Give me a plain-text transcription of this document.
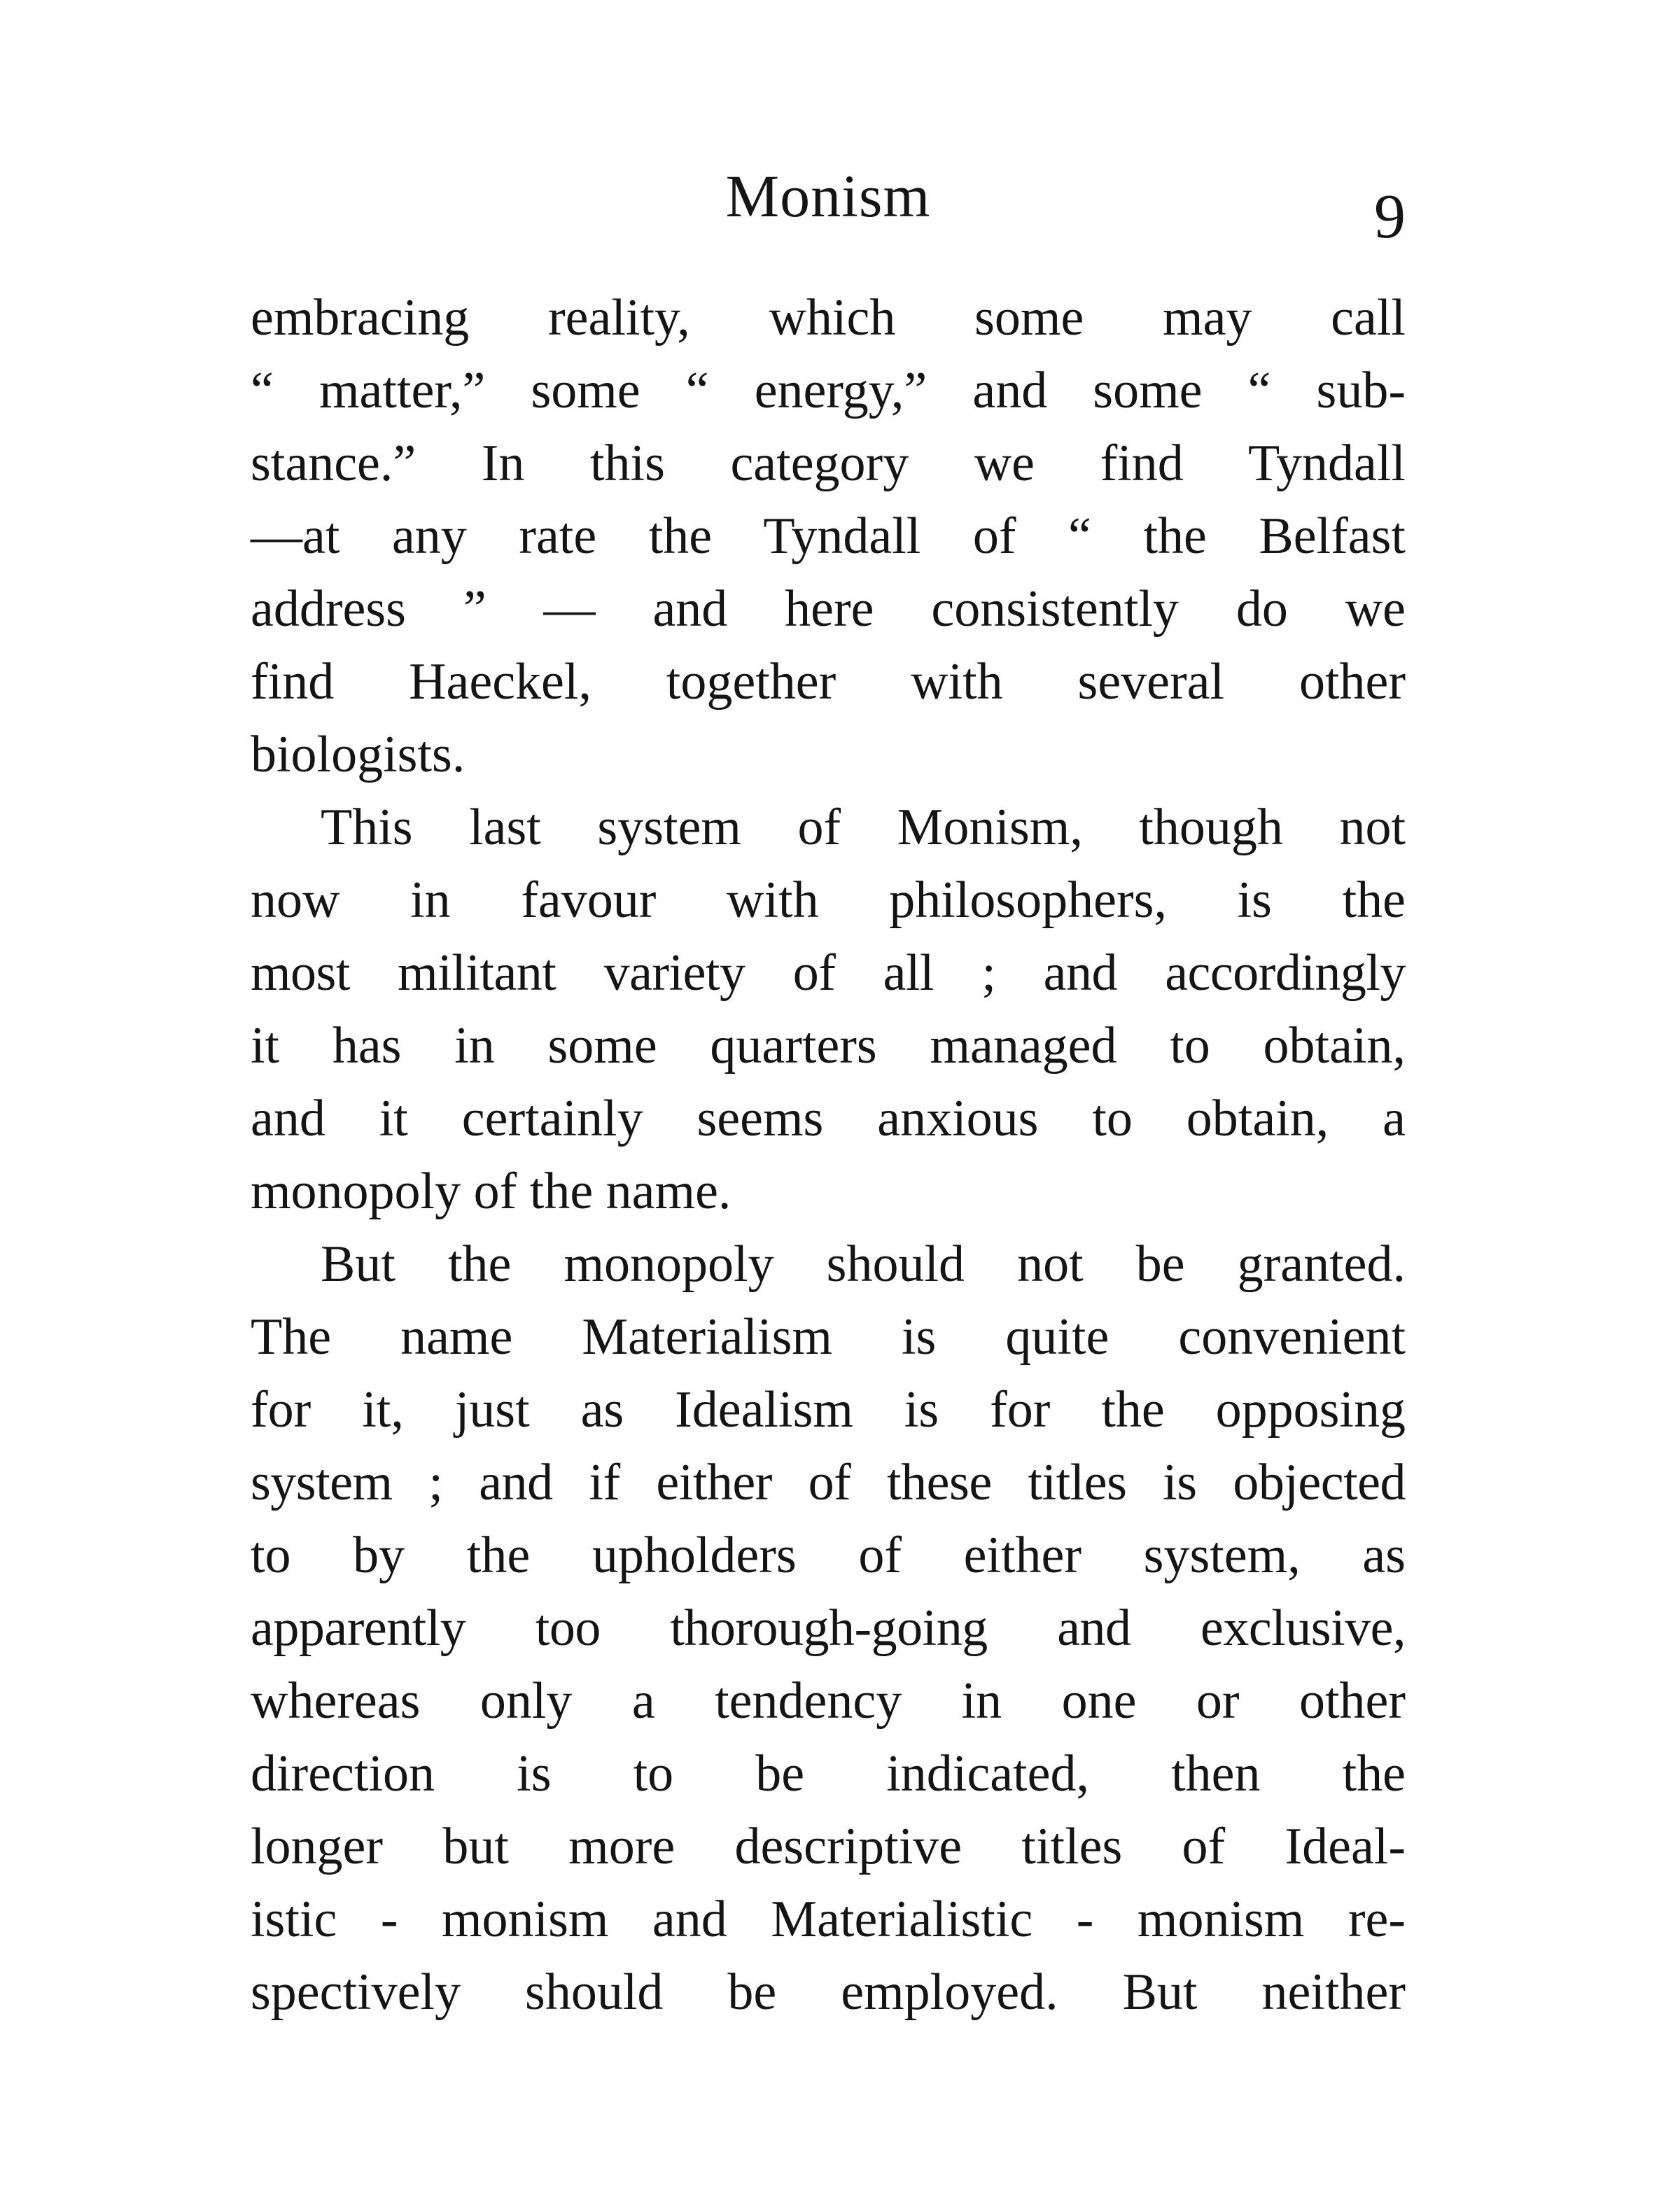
Monism	9
embracing reality, which some may call
“ matter,” some “ energy,” and some “ sub-
stance.” In this category we find Tyndall
—at any rate the Tyndall of “ the Belfast
address ” — and here consistently do we
find Haeckel, together with several other
biologists.
This last system of Monism, though not
now in favour with philosophers, is the
most militant variety of all ; and accordingly
it has in some quarters managed to obtain,
and it certainly seems anxious to obtain, a
monopoly of the name.
But the monopoly should not be granted.
The name Materialism is quite convenient
for it, just as Idealism is for the opposing
system ; and if either of these titles is objected
to by the upholders of either system, as
apparently too thorough-going and exclusive,
whereas only a tendency in one or other
direction is to be indicated, then the
longer but more descriptive titles of Ideal-
istic - monism and Materialistic - monism re-
spectively should be employed. But neither
